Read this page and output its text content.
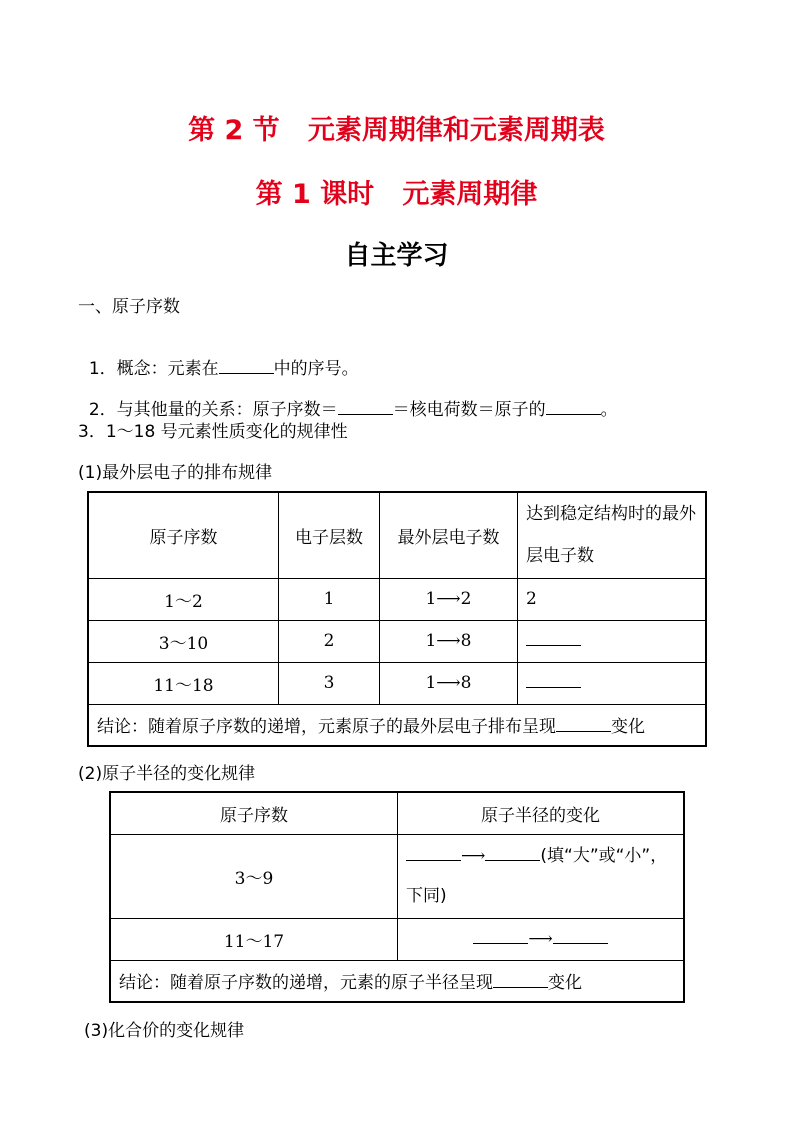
第 2 节   元素周期律和元素周期表
第 1 课时   元素周期律
自主学习
一、原子序数

1．概念：元素在	中的序号。

2．与其他量的关系：原子序数＝	＝核电荷数＝原子的	。

3．1～18 号元素性质变化的规律性
(1)最外层电子的排布规律
原子序数	电子层数	最外层电子数	达到稳定结构时的最外层电子数
1～2	1	1⟶2	2
3～10	2	1⟶8	
11～18	3	1⟶8	
结论：随着原子序数的递增，元素原子的最外层电子排布呈现 变化			
(2)原子半径的变化规律
原子序数	原子半径的变化
3～9	⟶ (填“大”或“小”，下同)
11～17	⟶
结论：随着原子序数的递增，元素的原子半径呈现 变化	
(3)化合价的变化规律
